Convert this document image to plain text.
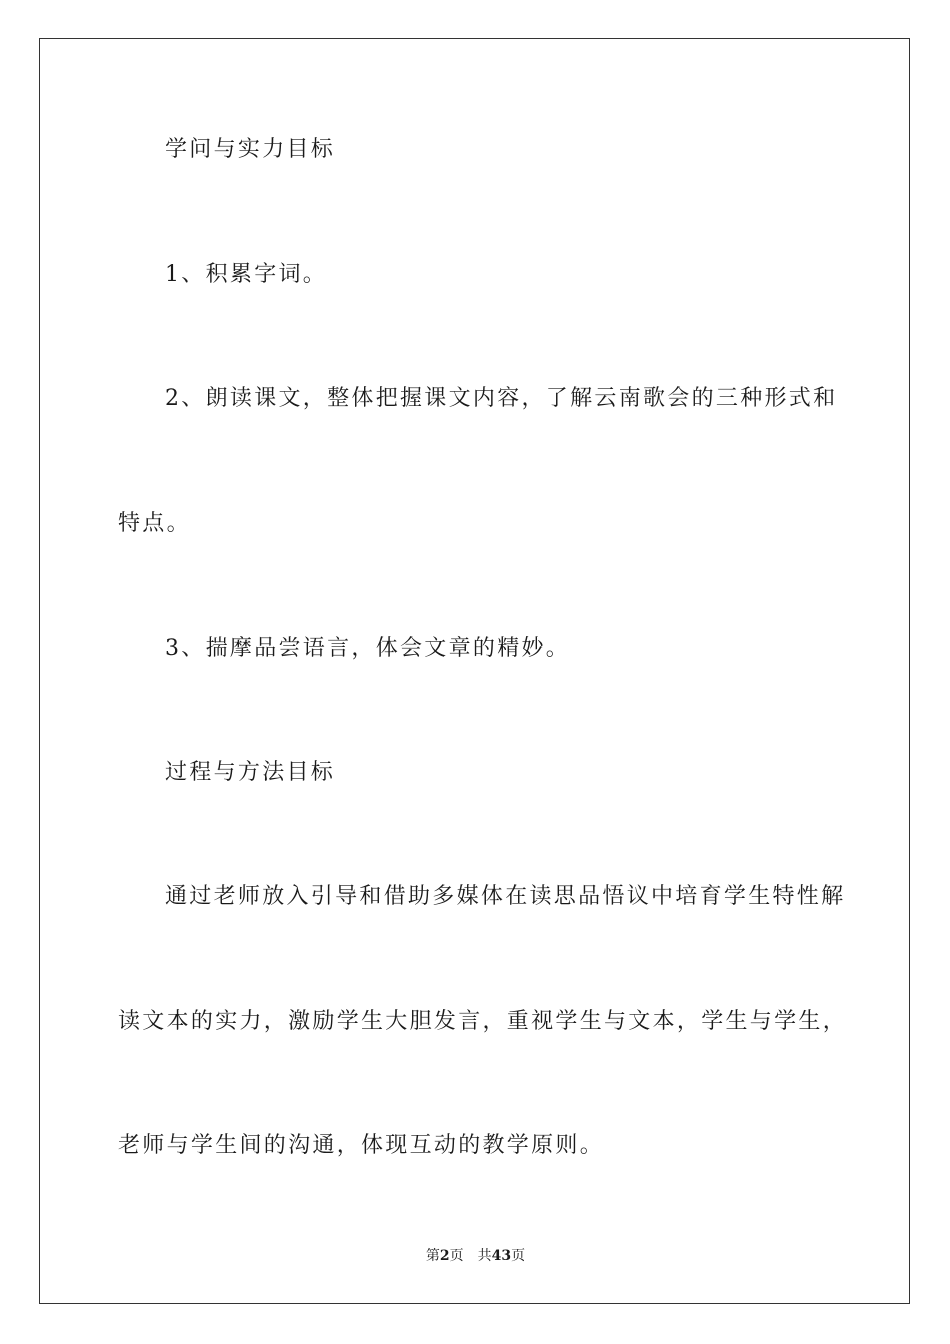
学问与实力目标
1、积累字词。
2、朗读课文，整体把握课文内容，了解云南歌会的三种形式和
特点。
3、揣摩品尝语言，体会文章的精妙。
过程与方法目标
通过老师放入引导和借助多媒体在读思品悟议中培育学生特性解
读文本的实力，激励学生大胆发言，重视学生与文本，学生与学生，
老师与学生间的沟通，体现互动的教学原则。
第2页 共43页
